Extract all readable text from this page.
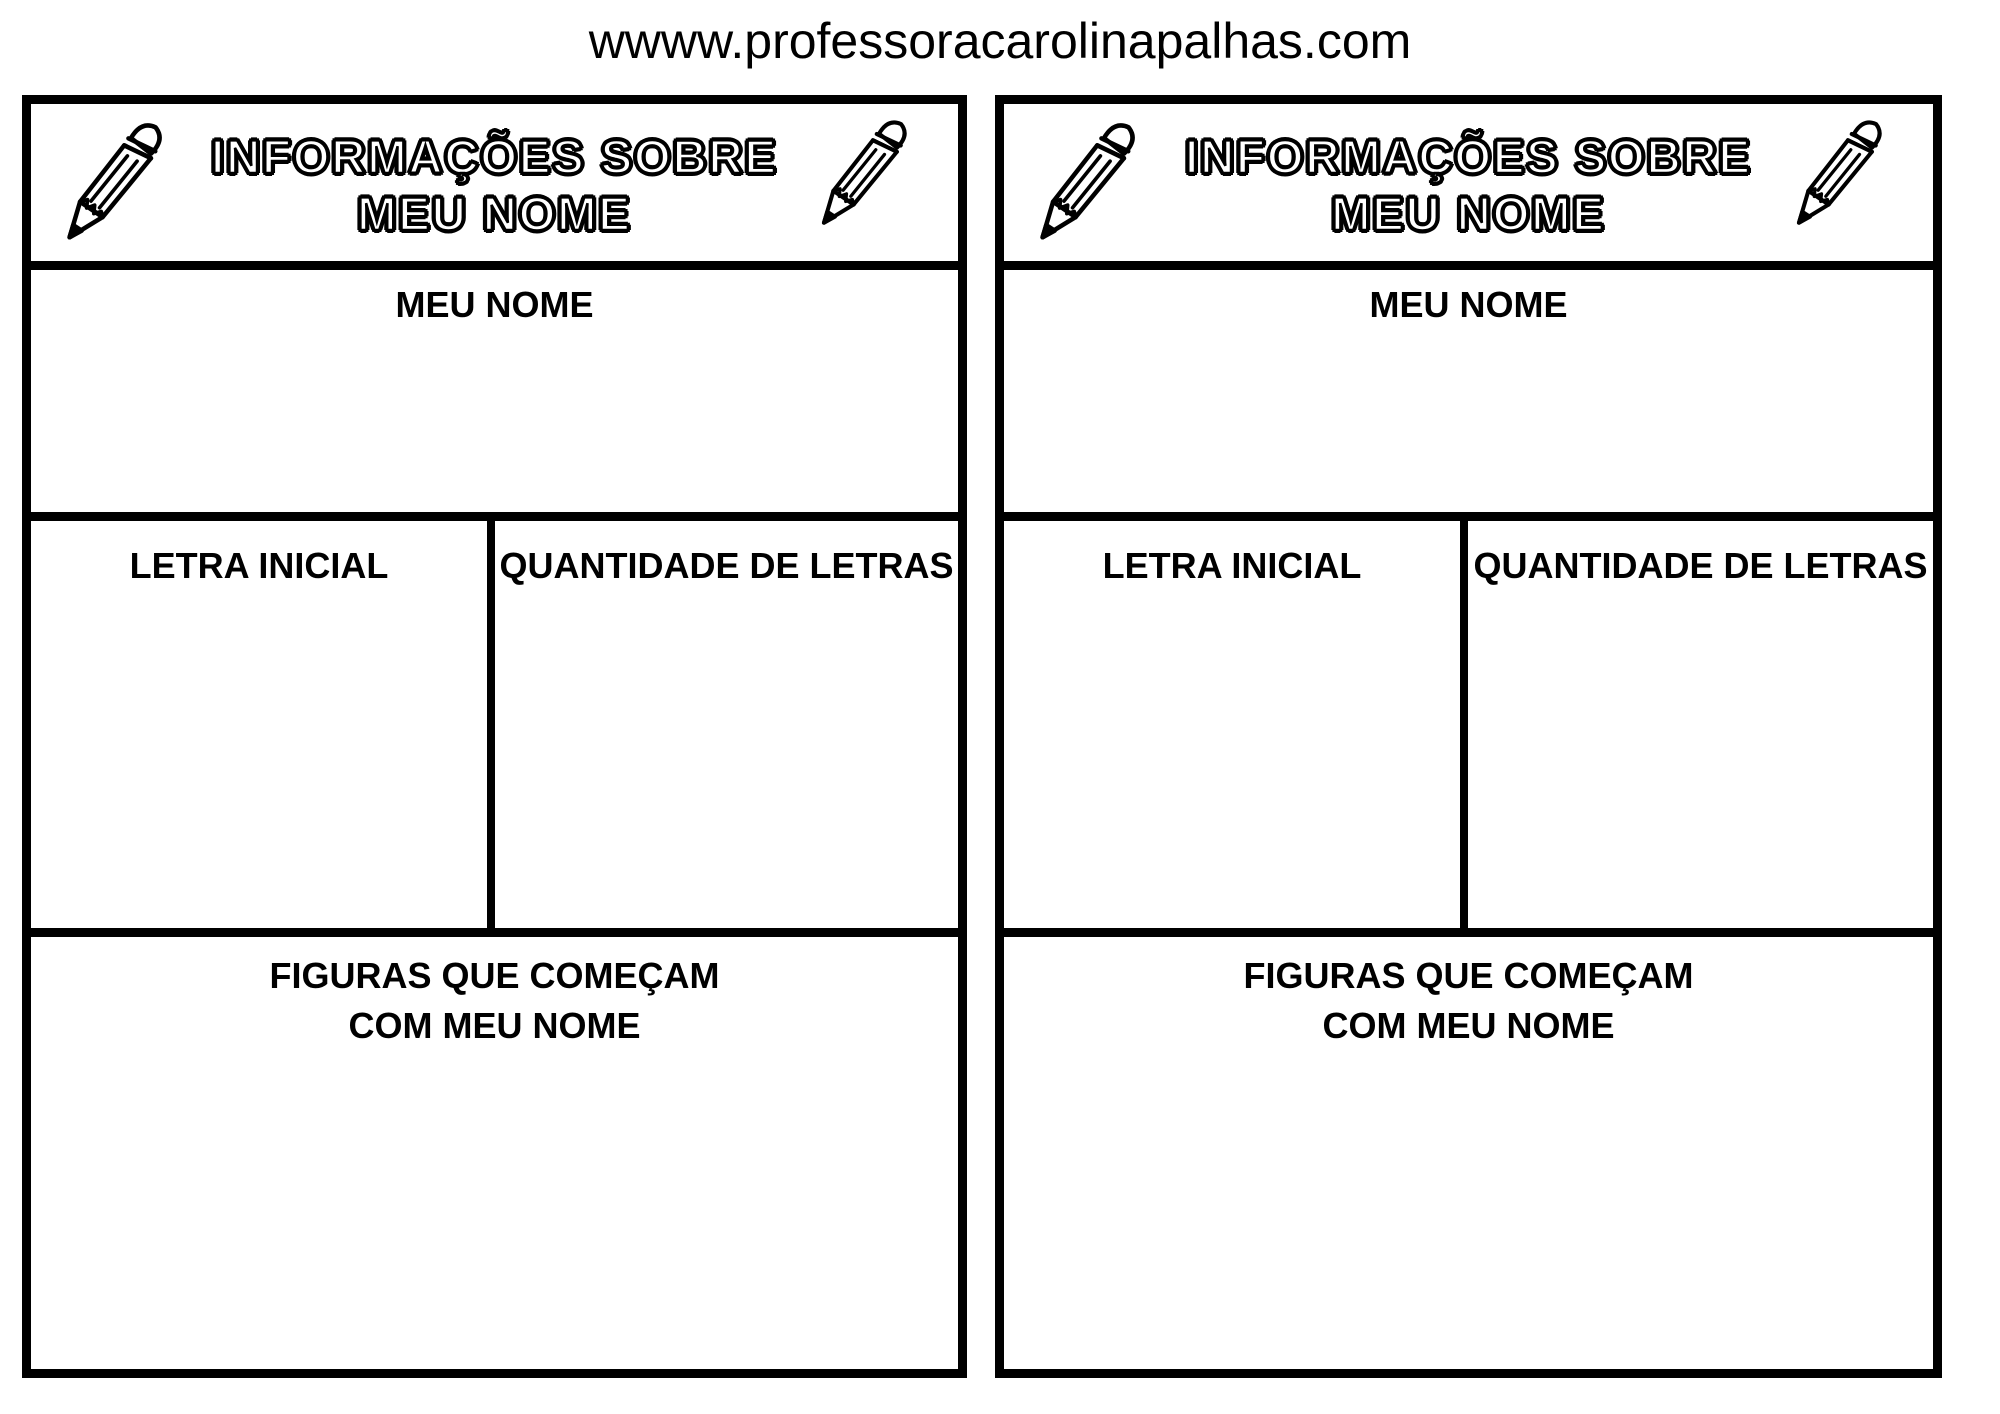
wwww.professoracarolinapalhas.com
INFORMAÇÕES SOBRE
MEU NOME
MEU NOME
LETRA INICIAL	QUANTIDADE DE LETRAS
FIGURAS QUE COMEÇAM
COM MEU NOME
INFORMAÇÕES SOBRE
MEU NOME
MEU NOME
LETRA INICIAL	QUANTIDADE DE LETRAS
FIGURAS QUE COMEÇAM
COM MEU NOME
